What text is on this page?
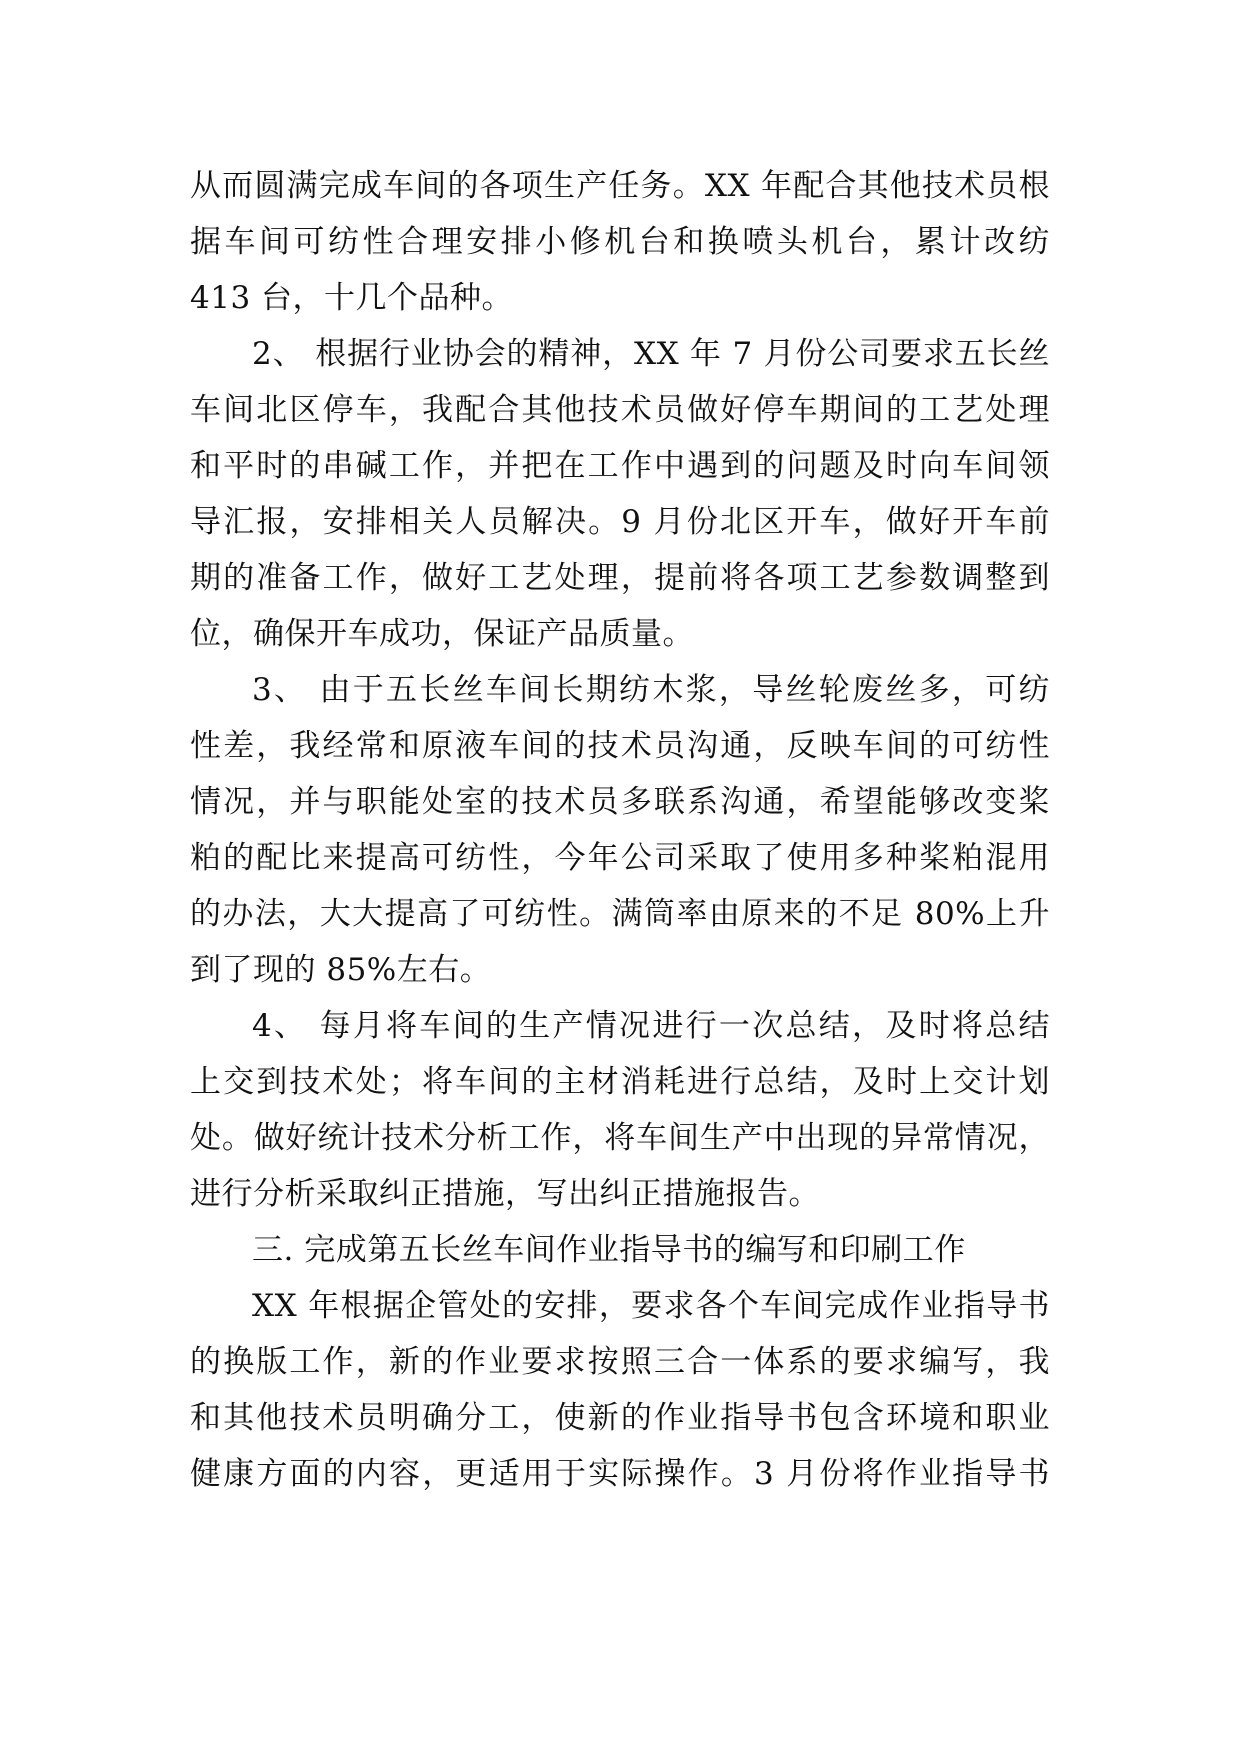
从而圆满完成车间的各项生产任务。XX 年配合其他技术员根
据车间可纺性合理安排小修机台和换喷头机台，累计改纺
413 台，十几个品种。
2、 根据行业协会的精神，XX 年 7 月份公司要求五长丝
车间北区停车，我配合其他技术员做好停车期间的工艺处理
和平时的串碱工作，并把在工作中遇到的问题及时向车间领
导汇报，安排相关人员解决。9 月份北区开车，做好开车前
期的准备工作，做好工艺处理，提前将各项工艺参数调整到
位，确保开车成功，保证产品质量。
3、 由于五长丝车间长期纺木浆，导丝轮废丝多，可纺
性差，我经常和原液车间的技术员沟通，反映车间的可纺性
情况，并与职能处室的技术员多联系沟通，希望能够改变桨
粕的配比来提高可纺性，今年公司采取了使用多种桨粕混用
的办法，大大提高了可纺性。满筒率由原来的不足 80%上升
到了现的 85%左右。
4、 每月将车间的生产情况进行一次总结，及时将总结
上交到技术处；将车间的主材消耗进行总结，及时上交计划
处。做好统计技术分析工作，将车间生产中出现的异常情况，
进行分析采取纠正措施，写出纠正措施报告。
三. 完成第五长丝车间作业指导书的编写和印刷工作
XX 年根据企管处的安排，要求各个车间完成作业指导书
的换版工作，新的作业要求按照三合一体系的要求编写，我
和其他技术员明确分工，使新的作业指导书包含环境和职业
健康方面的内容，更适用于实际操作。3 月份将作业指导书
